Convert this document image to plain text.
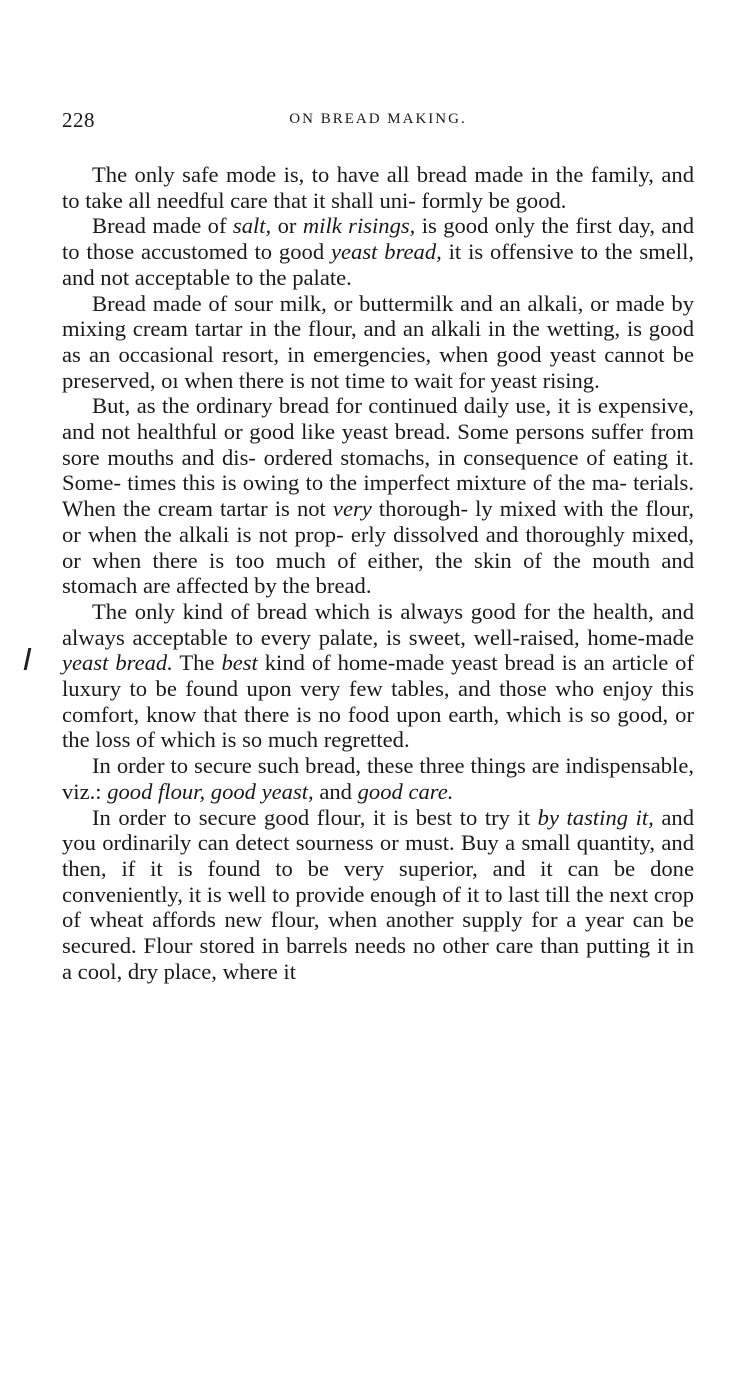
228	ON BREAD MAKING.

The only safe mode is, to have all bread made in the family, and to take all needful care that it shall uni- formly be good.

Bread made of salt, or milk risings, is good only the first day, and to those accustomed to good yeast bread, it is offensive to the smell, and not acceptable to the palate.

Bread made of sour milk, or buttermilk and an alkali, or made by mixing cream tartar in the flour, and an alkali in the wetting, is good as an occasional resort, in emergencies, when good yeast cannot be preserved, oı when there is not time to wait for yeast rising.

But, as the ordinary bread for continued daily use, it is expensive, and not healthful or good like yeast bread. Some persons suffer from sore mouths and dis- ordered stomachs, in consequence of eating it. Some- times this is owing to the imperfect mixture of the ma- terials. When the cream tartar is not very thorough- ly mixed with the flour, or when the alkali is not prop- erly dissolved and thoroughly mixed, or when there is too much of either, the skin of the mouth and stomach are affected by the bread.

The only kind of bread which is always good for the health, and always acceptable to every palate, is sweet, well-raised, home-made yeast bread. The best kind of home-made yeast bread is an article of luxury to be found upon very few tables, and those who enjoy this comfort, know that there is no food upon earth, which is so good, or the loss of which is so much regretted.

In order to secure such bread, these three things are indispensable, viz.: good flour, good yeast, and good care.

In order to secure good flour, it is best to try it by tasting it, and you ordinarily can detect sourness or must. Buy a small quantity, and then, if it is found to be very superior, and it can be done conveniently, it is well to provide enough of it to last till the next crop of wheat affords new flour, when another supply for a year can be secured. Flour stored in barrels needs no other care than putting it in a cool, dry place, where it
